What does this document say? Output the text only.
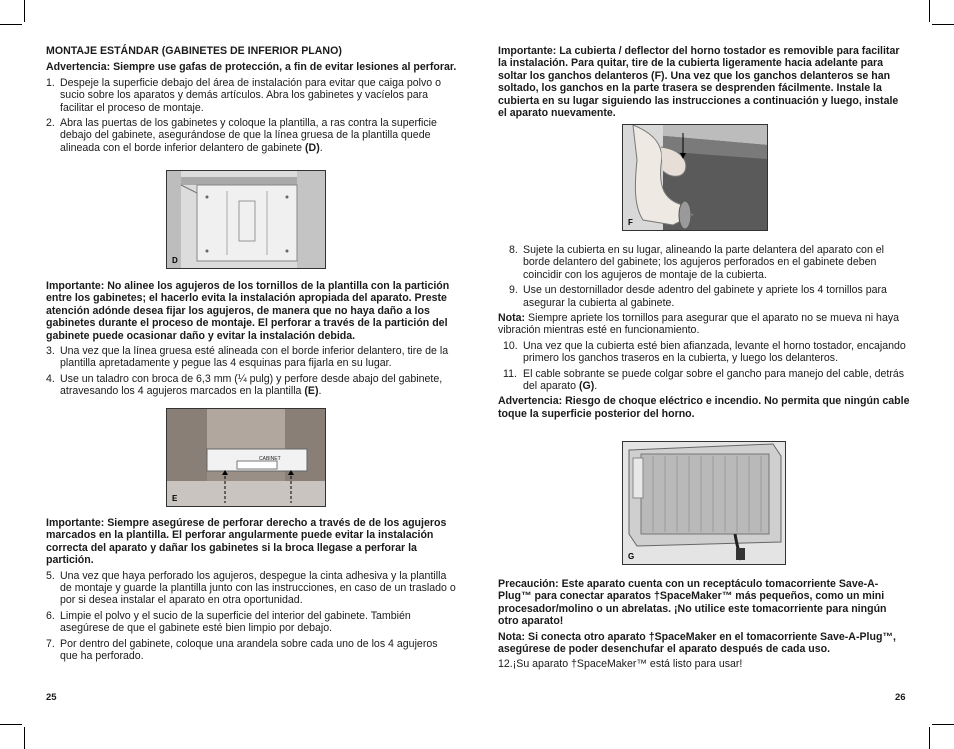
MONTAJE ESTÁNDAR (GABINETES DE INFERIOR PLANO)

Advertencia: Siempre use gafas de protección, a fin de evitar lesiones al perforar.

1. Despeje la superficie debajo del área de instalación para evitar que caiga polvo o sucio sobre los aparatos y demás artículos. Abra los gabinetes y vacíelos para facilitar el proceso de montaje.
2. Abra las puertas de los gabinetes y coloque la plantilla, a ras contra la superficie debajo del gabinete, asegurándose de que la línea gruesa de la plantilla quede alineada con el borde inferior delantero de gabinete (D).
D

Importante: No alinee los agujeros de los tornillos de la plantilla con la partición entre los gabinetes; el hacerlo evita la instalación apropiada del aparato. Preste atención adónde desea fijar los agujeros, de manera que no haya daño a los gabinetes durante el proceso de montaje. El perforar a través de la partición del gabinete puede ocasionar daño y evitar la instalación debida.

3. Una vez que la línea gruesa esté alineada con el borde inferior delantero, tire de la plantilla apretadamente y pegue las 4 esquinas para fijarla en su lugar.
4. Use un taladro con broca de 6,3 mm (¼ pulg) y perfore desde abajo del gabinete, atravesando los 4 agujeros marcados en la plantilla (E).
CABINET
E

Importante: Siempre asegúrese de perforar derecho a través de de los agujeros marcados en la plantilla. El perforar angularmente puede evitar la instalación correcta del aparato y dañar los gabinetes si la broca llegase a perforar la partición.

5. Una vez que haya perforado los agujeros, despegue la cinta adhesiva y la plantilla de montaje y guarde la plantilla junto con las instrucciones, en caso de un traslado o por si desea instalar el aparato en otra oportunidad.
6. Limpie el polvo y el sucio de la superficie del interior del gabinete. También asegúrese de que el gabinete esté bien limpio por debajo.
7. Por dentro del gabinete, coloque una arandela sobre cada uno de los 4 agujeros que ha perforado.
25

Importante: La cubierta / deflector del horno tostador es removible para facilitar la instalación. Para quitar, tire de la cubierta ligeramente hacia adelante para soltar los ganchos delanteros (F). Una vez que los ganchos delanteros se han soltado, los ganchos en la parte trasera se desprenden fácilmente. Instale la cubierta en su lugar siguiendo las instrucciones a continuación y luego, instale el aparato nuevamente.

F
8. Sujete la cubierta en su lugar, alineando la parte delantera del aparato con el borde delantero del gabinete; los agujeros perforados en el gabinete deben coincidir con los agujeros de montaje de la cubierta.
9. Use un destornillador desde adentro del gabinete y apriete los 4 tornillos para asegurar la cubierta al gabinete.

Nota: Siempre apriete los tornillos para asegurar que el aparato no se mueva ni haya vibración mientras esté en funcionamiento.

10. Una vez que la cubierta esté bien afianzada, levante el horno tostador, encajando primero los ganchos traseros en la cubierta, y luego los delanteros.
11. El cable sobrante se puede colgar sobre el gancho para manejo del cable, detrás del aparato (G).

Advertencia: Riesgo de choque eléctrico e incendio. No permita que ningún cable toque la superficie posterior del horno.

G

Precaución: Este aparato cuenta con un receptáculo tomacorriente Save-A-Plug™ para conectar aparatos †SpaceMaker™ más pequeños, como un mini procesador/molino o un abrelatas. ¡No utilice este tomacorriente para ningún otro aparato!

Nota: Si conecta otro aparato †SpaceMaker en el tomacorriente Save-A-Plug™, asegúrese de poder desenchufar el aparato después de cada uso.

12.¡Su aparato †SpaceMaker™ está listo para usar!

26
